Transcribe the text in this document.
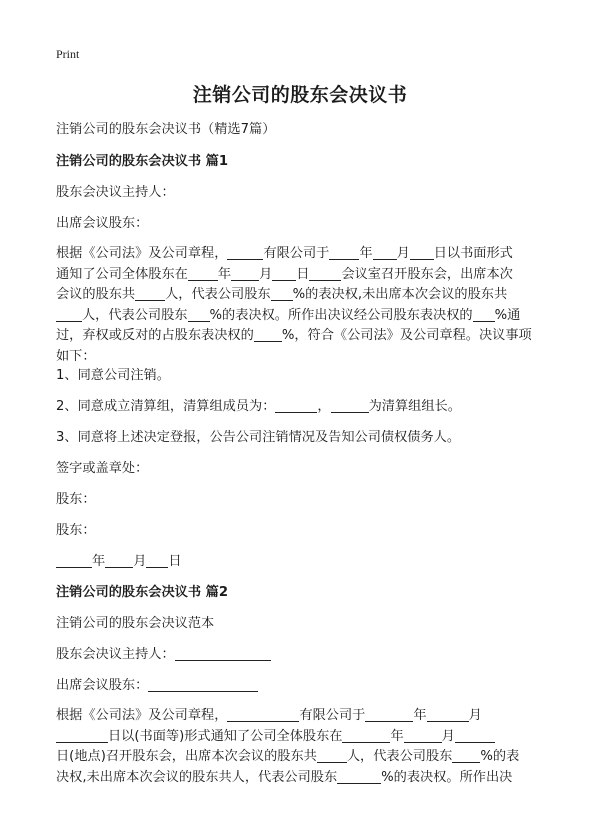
Print
注销公司的股东会决议书
注销公司的股东会决议书（精选7篇）
注销公司的股东会决议书 篇1
股东会决议主持人：
出席会议股东：
根据《公司法》及公司章程，	有限公司于 年 月 日以书面形式
通知了公司全体股东在 年 月 日 会议室召开股东会，出席本次
会议的股东共 人，代表公司股东 %的表决权,未出席本次会议的股东共
人，代表公司股东 %的表决权。所作出决议经公司股东表决权的 %通
过，弃权或反对的占股东表决权的 %，符合《公司法》及公司章程。决议事项
如下：
1、同意公司注销。
2、同意成立清算组，清算组成员为：	，	为清算组组长。
3、同意将上述决定登报，公告公司注销情况及告知公司债权债务人。
签字或盖章处：
股东：
股东：
年 月 日
注销公司的股东会决议书 篇2
注销公司的股东会决议范本
股东会决议主持人：
出席会议股东：
根据《公司法》及公司章程，	有限公司于	年	月
日以(书面等)形式通知了公司全体股东在	年	月
日(地点)召开股东会，出席本次会议的股东共 人，代表公司股东 %的表
决权,未出席本次会议的股东共人，代表公司股东	%的表决权。所作出决
